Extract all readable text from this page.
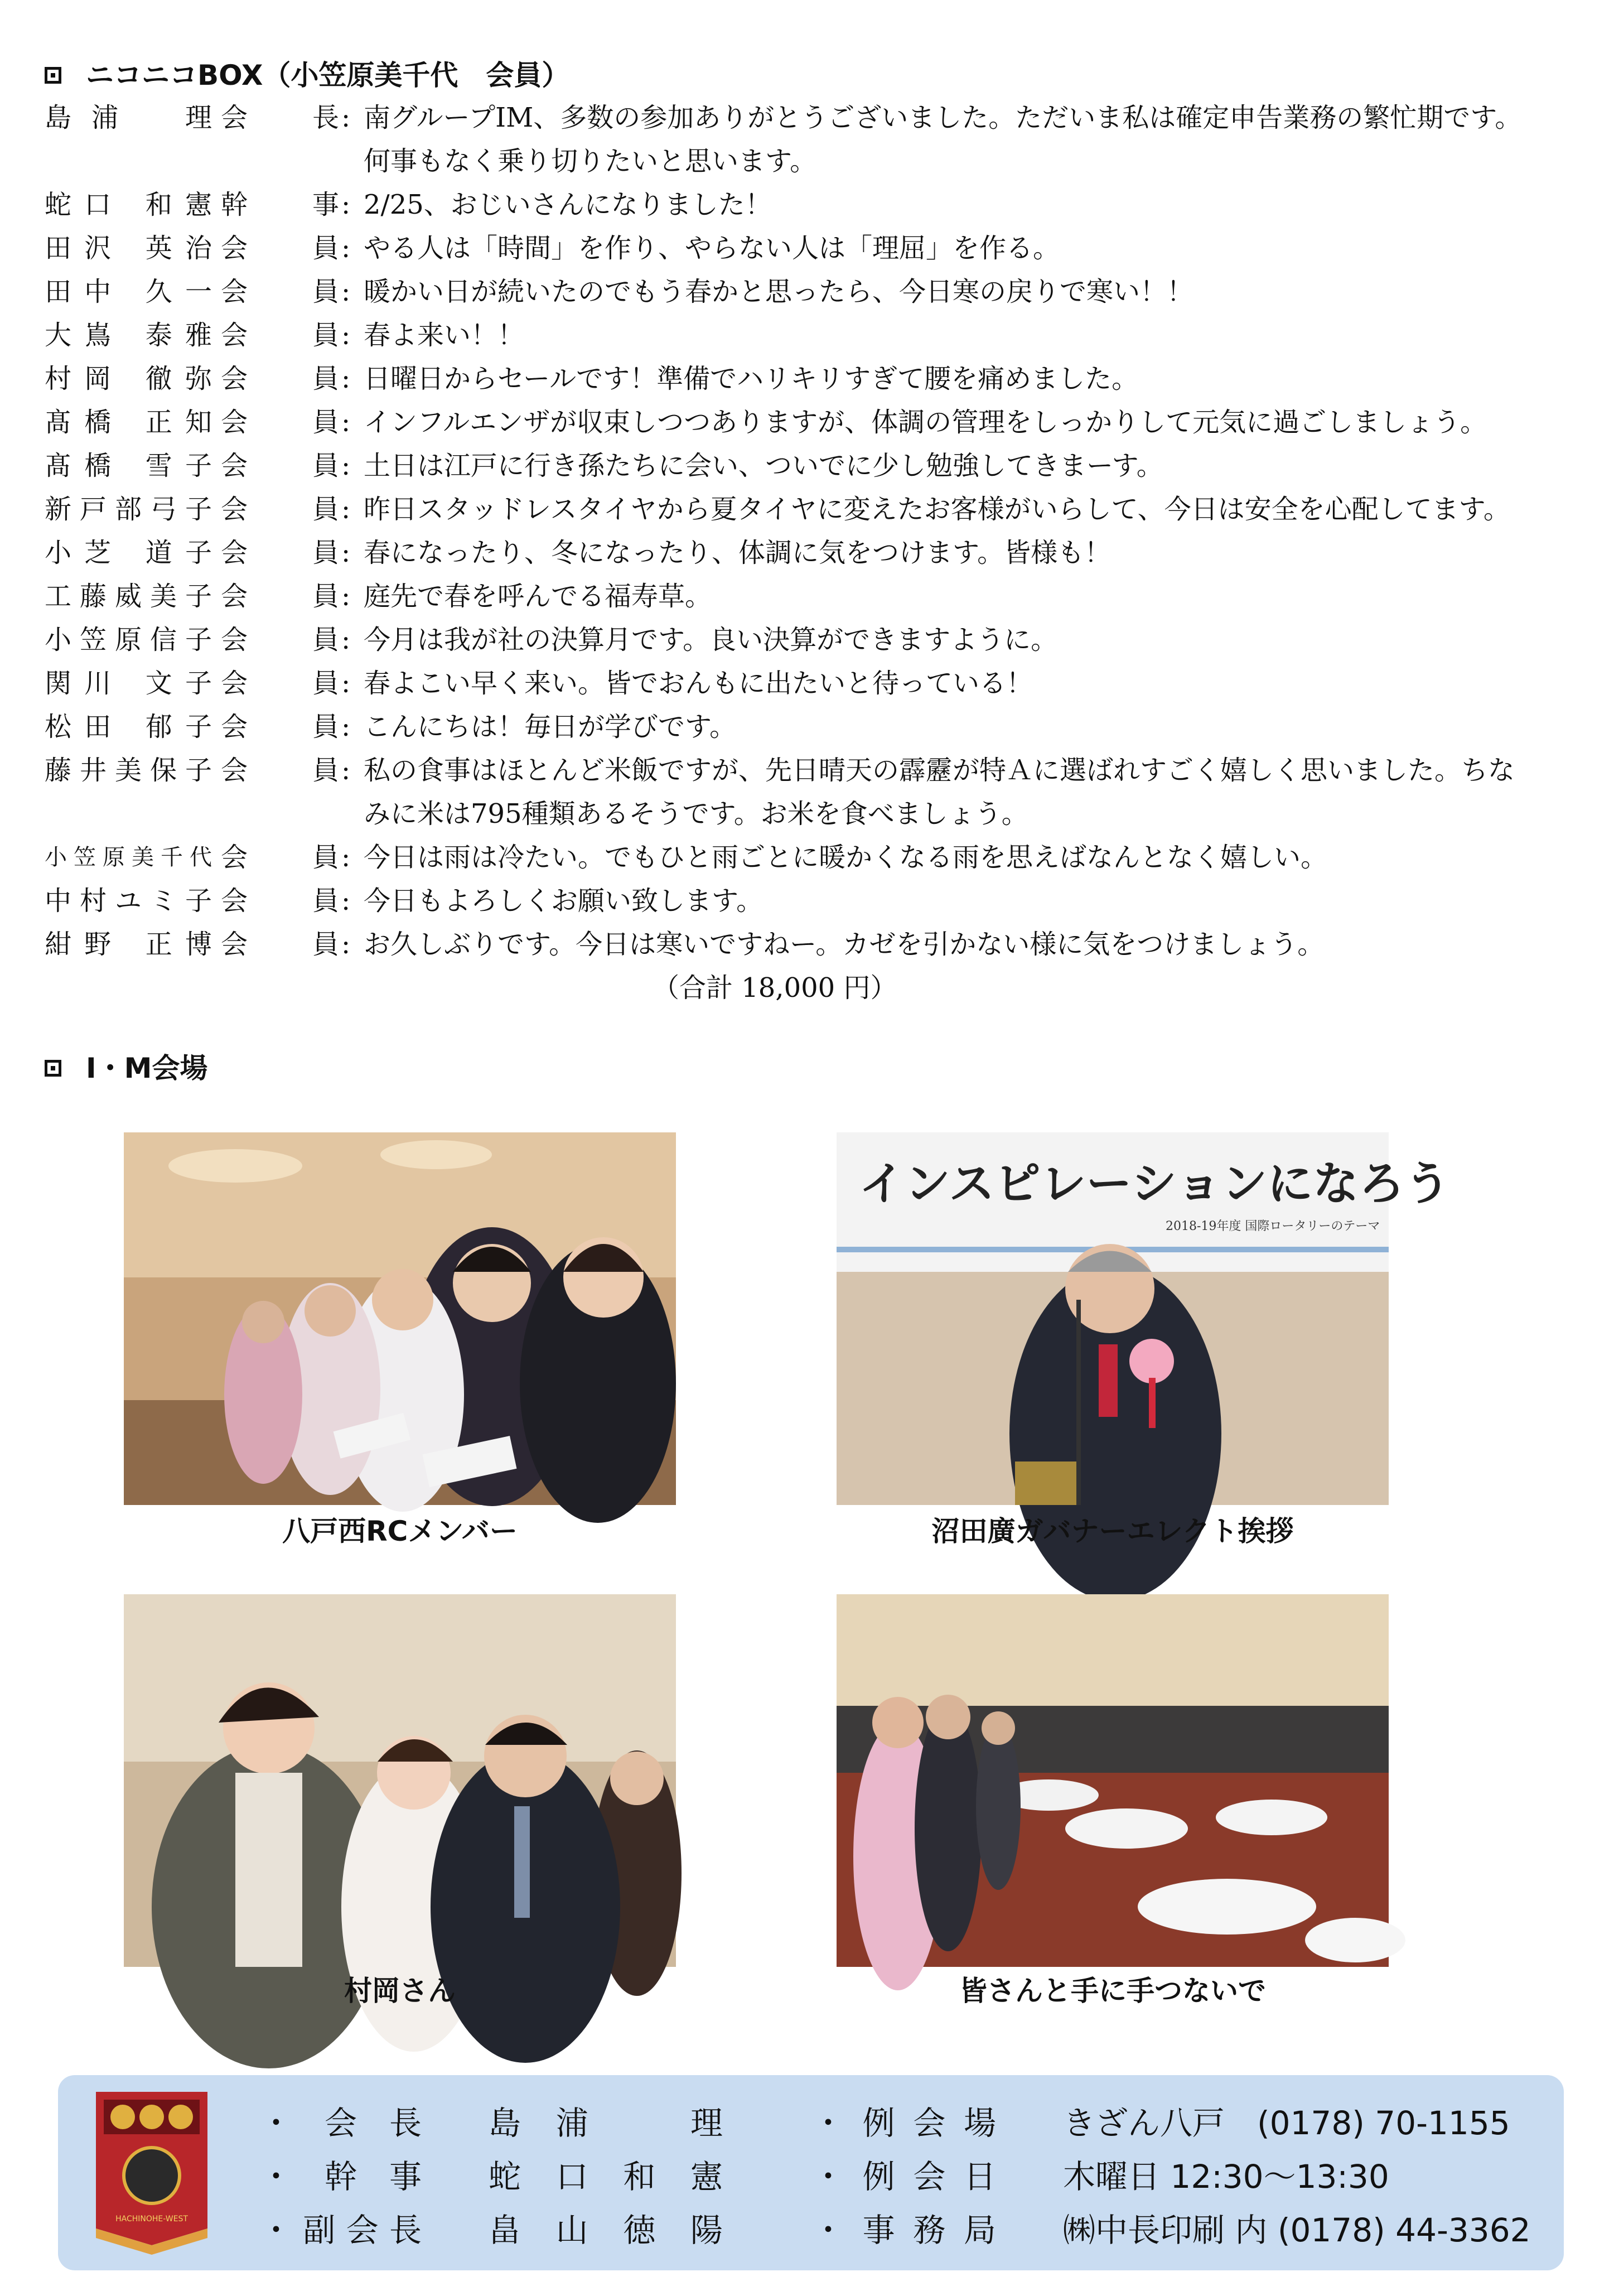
ニコニコBOX（小笠原美千代　会員）
島浦　理 会長 : 南グループIM、多数の参加ありがとうございました。ただいま私は確定申告業務の繁忙期です。何事もなく乗り切りたいと思います。
蛇口 和憲 幹事 : 2/25、おじいさんになりました！
田沢 英治 会員 : やる人は「時間」を作り、やらない人は「理屈」を作る。
田中 久一 会員 : 暖かい日が続いたのでもう春かと思ったら、今日寒の戻りで寒い！！
大嶌 泰雅 会員 : 春よ来い！！
村岡 徹弥 会員 : 日曜日からセールです！準備でハリキリすぎて腰を痛めました。
髙橋 正知 会員 : インフルエンザが収束しつつありますが、体調の管理をしっかりして元気に過ごしましょう。
髙橋 雪子 会員 : 土日は江戸に行き孫たちに会い、ついでに少し勉強してきまーす。
新戸部弓子 会員 : 昨日スタッドレスタイヤから夏タイヤに変えたお客様がいらして、今日は安全を心配してます。
小芝 道子 会員 : 春になったり、冬になったり、体調に気をつけます。皆様も！
工藤威美子 会員 : 庭先で春を呼んでる福寿草。
小笠原信子 会員 : 今月は我が社の決算月です。良い決算ができますように。
関川 文子 会員 : 春よこい早く来い。皆でおんもに出たいと待っている！
松田 郁子 会員 : こんにちは！毎日が学びです。
藤井美保子 会員 : 私の食事はほとんど米飯ですが、先日晴天の霹靂が特Ａに選ばれすごく嬉しく思いました。ちなみに米は795種類あるそうです。お米を食べましょう。
小笠原美千代 会員 : 今日は雨は冷たい。でもひと雨ごとに暖かくなる雨を思えばなんとなく嬉しい。
中村ユミ子 会員 : 今日もよろしくお願い致します。
紺野 正博 会員 : お久しぶりです。今日は寒いですねー。カゼを引かない様に気をつけましょう。
（合計 18,000 円）
I・M会場
八戸西RCメンバー
インスピレーションになろう
2018-19年度 国際ロータリーのテーマ
沼田廣ガバナーエレクト挨拶
村岡さん	皆さんと手に手つないで
HACHINOHE-WEST
・会長 島浦　理
・幹事 蛇口和憲
・副会長 畠山徳陽
・例会場 きざん八戸　(0178) 70-1155
・例会日 木曜日 12:30〜13:30
・事務局 ㈱中長印刷 内 (0178) 44-3362
